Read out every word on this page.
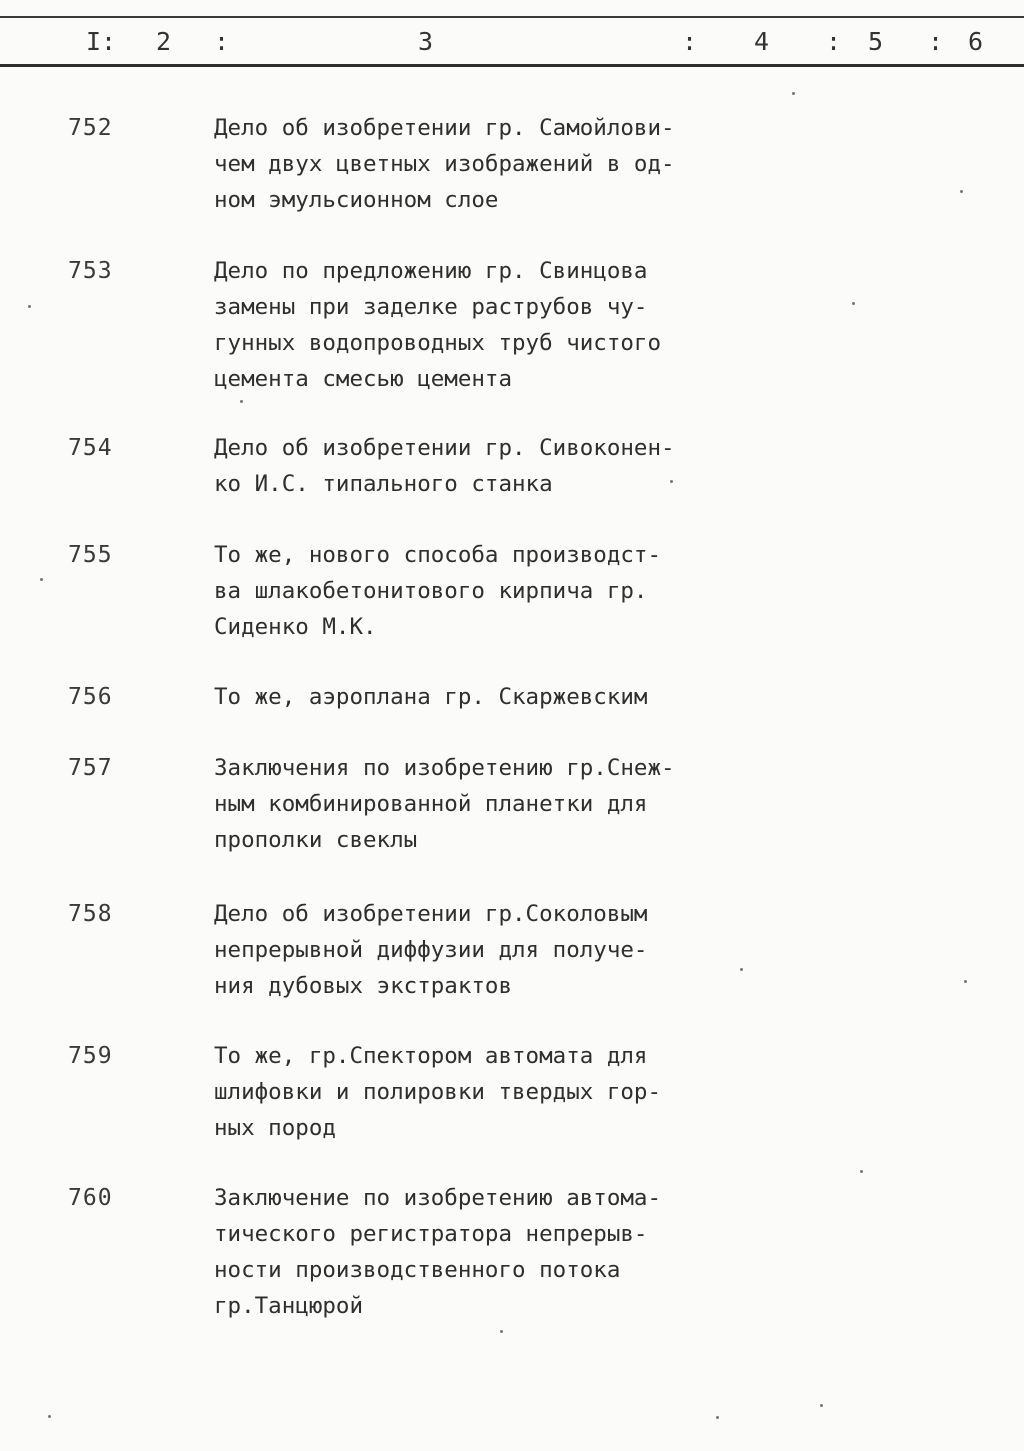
I: 2 :	3	: 4 : 5 : 6
752	Дело об изобретении гр. Самойлови-
чем двух цветных изображений в од-
ном эмульсионном слое
753	Дело по предложению гр. Свинцова
замены при заделке раструбов чу-
гунных водопроводных труб чистого
цемента смесью цемента
754	Дело об изобретении гр. Сивоконен-
ко И.С. типального станка
755	То же, нового способа производст-
ва шлакобетонитового кирпича гр.
Сиденко М.К.
756	То же, аэроплана гр. Скаржевским
757	Заключения по изобретению гр.Снеж-
ным комбинированной планетки для
прополки свеклы
758	Дело об изобретении гр.Соколовым
непрерывной диффузии для получе-
ния дубовых экстрактов
759	То же, гр.Спектором автомата для
шлифовки и полировки твердых гор-
ных пород
760	Заключение по изобретению автома-
тического регистратора непрерыв-
ности производственного потока
гр.Танцюрой
